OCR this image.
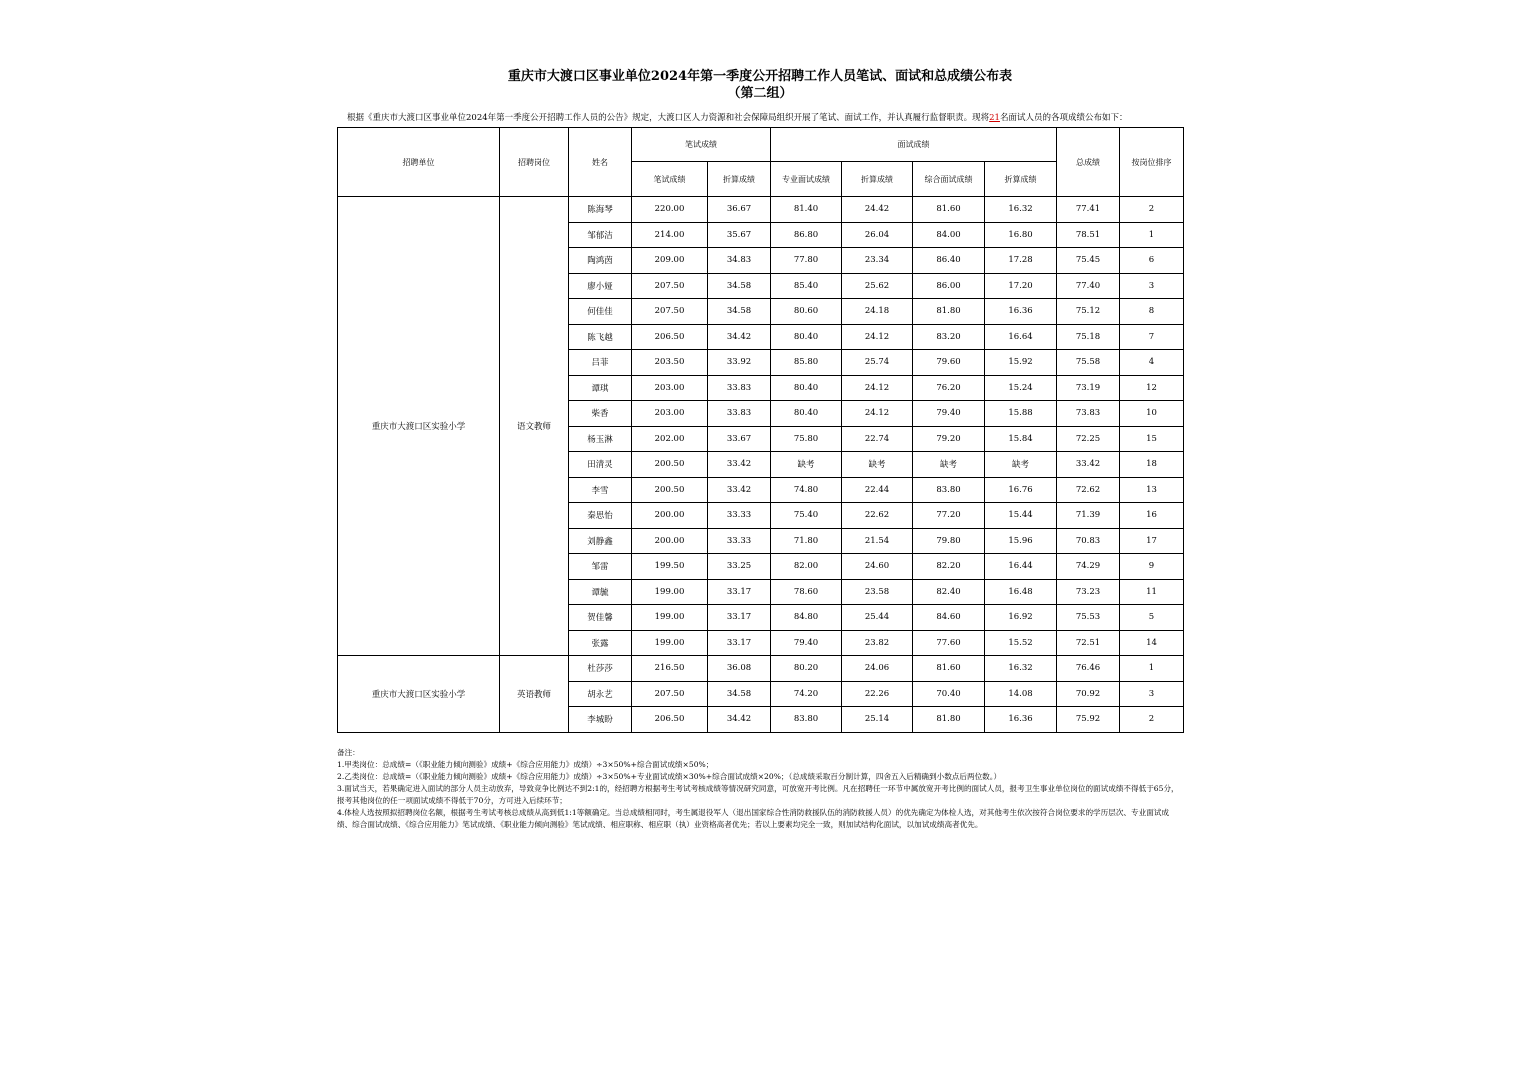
重庆市大渡口区事业单位2024年第一季度公开招聘工作人员笔试、面试和总成绩公布表
（第二组）
根据《重庆市大渡口区事业单位2024年第一季度公开招聘工作人员的公告》规定，大渡口区人力资源和社会保障局组织开展了笔试、面试工作，并认真履行监督职责。现将21名面试人员的各项成绩公布如下：
招聘单位	招聘岗位	姓名	笔试成绩		面试成绩				总成绩	按岗位排序
			笔试成绩	折算成绩	专业面试成绩	折算成绩	综合面试成绩	折算成绩		
重庆市大渡口区实验小学	语文教师	陈海琴	220.00	36.67	81.40	24.42	81.60	16.32	77.41	2
		邹郁洁	214.00	35.67	86.80	26.04	84.00	16.80	78.51	1
		陶鸿茵	209.00	34.83	77.80	23.34	86.40	17.28	75.45	6
		廖小娅	207.50	34.58	85.40	25.62	86.00	17.20	77.40	3
		何佳佳	207.50	34.58	80.60	24.18	81.80	16.36	75.12	8
		陈飞越	206.50	34.42	80.40	24.12	83.20	16.64	75.18	7
		吕菲	203.50	33.92	85.80	25.74	79.60	15.92	75.58	4
		谭琪	203.00	33.83	80.40	24.12	76.20	15.24	73.19	12
		柴香	203.00	33.83	80.40	24.12	79.40	15.88	73.83	10
		杨玉淋	202.00	33.67	75.80	22.74	79.20	15.84	72.25	15
		田清灵	200.50	33.42	缺考	缺考	缺考	缺考	33.42	18
		李雪	200.50	33.42	74.80	22.44	83.80	16.76	72.62	13
		秦思怡	200.00	33.33	75.40	22.62	77.20	15.44	71.39	16
		刘静鑫	200.00	33.33	71.80	21.54	79.80	15.96	70.83	17
		邹雷	199.50	33.25	82.00	24.60	82.20	16.44	74.29	9
		谭毓	199.00	33.17	78.60	23.58	82.40	16.48	73.23	11
		贺佳馨	199.00	33.17	84.80	25.44	84.60	16.92	75.53	5
		张露	199.00	33.17	79.40	23.82	77.60	15.52	72.51	14
重庆市大渡口区实验小学	英语教师	杜莎莎	216.50	36.08	80.20	24.06	81.60	16.32	76.46	1
		胡永艺	207.50	34.58	74.20	22.26	70.40	14.08	70.92	3
		李城盼	206.50	34.42	83.80	25.14	81.80	16.36	75.92	2
备注：
1.甲类岗位：总成绩=（《职业能力倾向测验》成绩+《综合应用能力》成绩）÷3×50%+综合面试成绩×50%；
2.乙类岗位：总成绩=（《职业能力倾向测验》成绩+《综合应用能力》成绩）÷3×50%+专业面试成绩×30%+综合面试成绩×20%；（总成绩采取百分制计算，四舍五入后精确到小数点后两位数。）
3.面试当天，若果确定进入面试的部分人员主动放弃，导致竞争比例达不到2:1的，经招聘方根据考生考试考核成绩等情况研究同意，可放宽开考比例。凡在招聘任一环节中属放宽开考比例的面试人员，报考卫生事业单位岗位的面试成绩不得低于65分，报考其他岗位的任一项面试成绩不得低于70分，方可进入后续环节；
4.体检人选按照拟招聘岗位名额，根据考生考试考核总成绩从高到低1:1等额确定。当总成绩相同时，考生属退役军人（退出国家综合性消防救援队伍的消防救援人员）的优先确定为体检人选，对其他考生依次按符合岗位要求的学历层次、专业面试成绩、综合面试成绩、《综合应用能力》笔试成绩、《职业能力倾向测验》笔试成绩、相应职称、相应职（执）业资格高者优先；若以上要素均完全一致，则加试结构化面试，以加试成绩高者优先。
